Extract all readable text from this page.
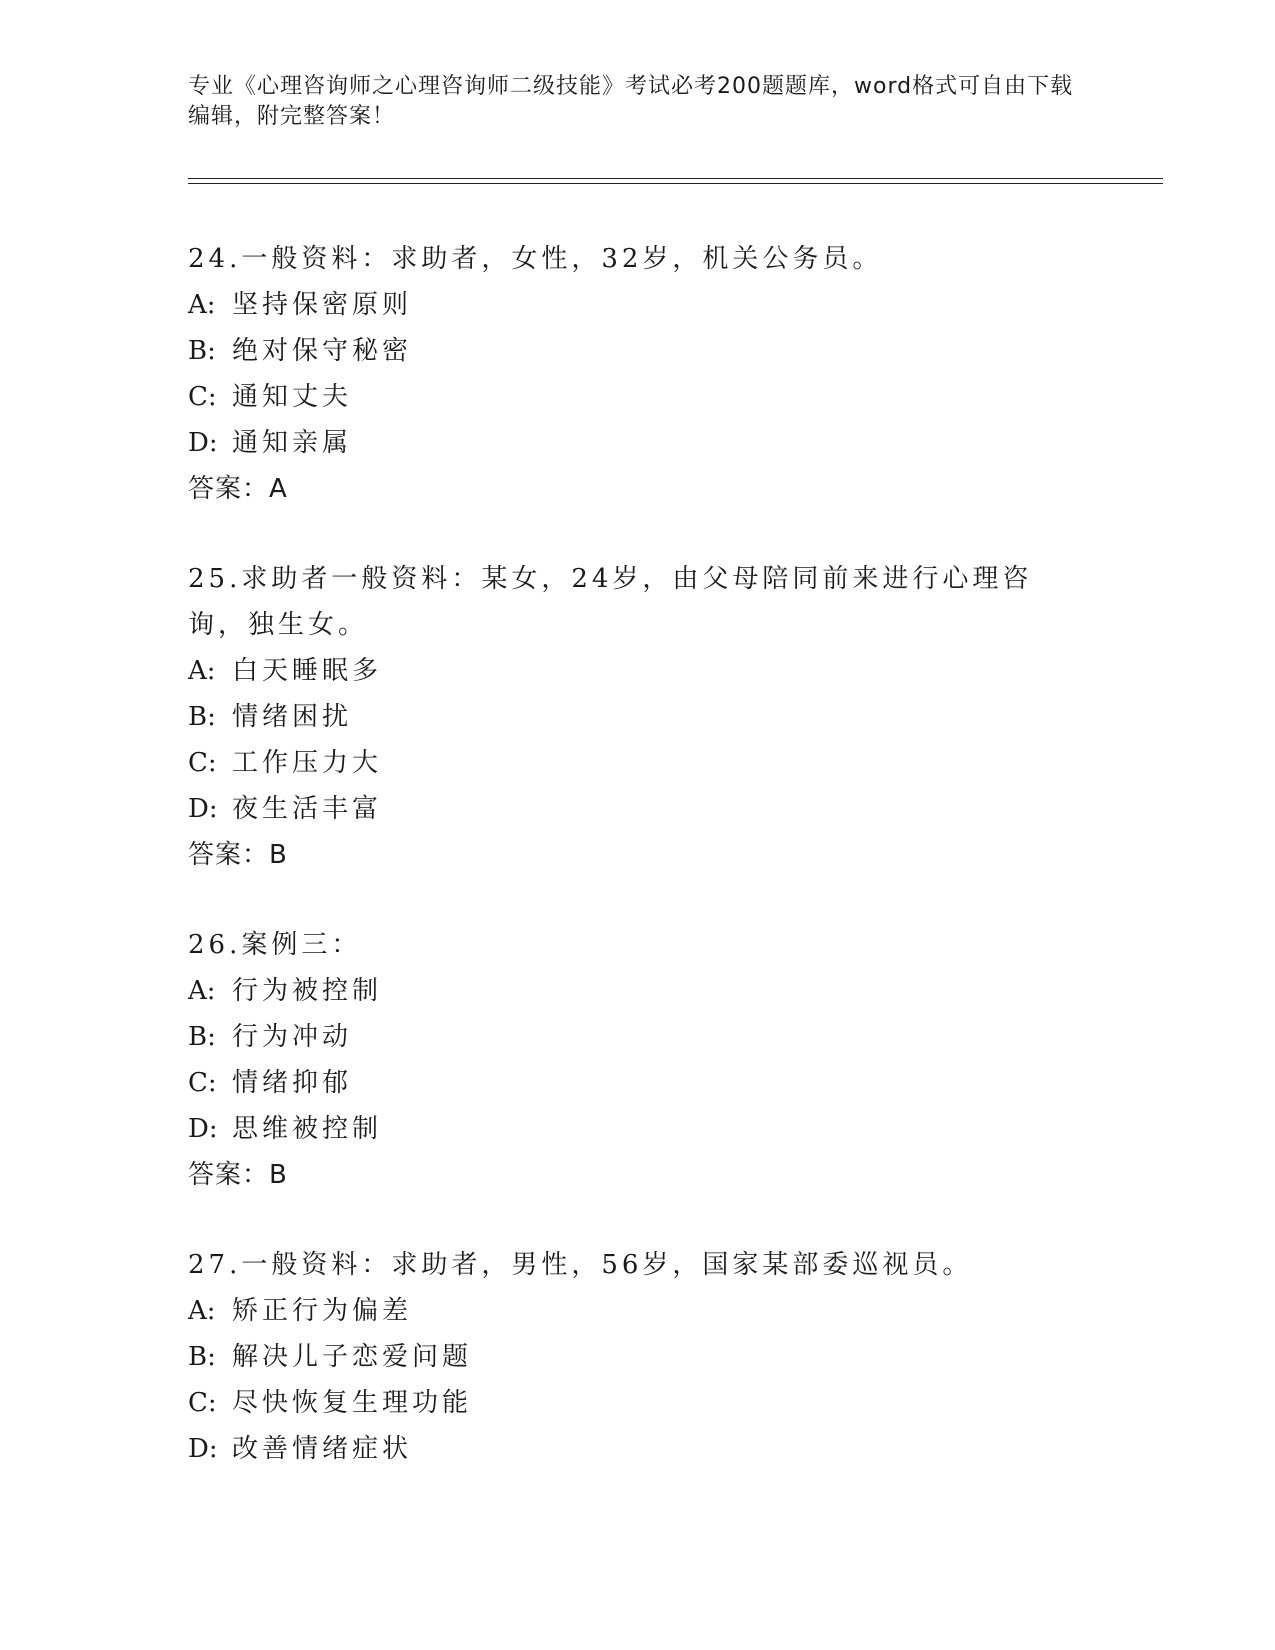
专业《心理咨询师之心理咨询师二级技能》考试必考200题题库，word格式可自由下载编辑，附完整答案！
24.一般资料：求助者，女性，32岁，机关公务员。
A: 坚持保密原则
B: 绝对保守秘密
C: 通知丈夫
D: 通知亲属
答案：A
25.求助者一般资料：某女，24岁，由父母陪同前来进行心理咨询，独生女。
A: 白天睡眠多
B: 情绪困扰
C: 工作压力大
D: 夜生活丰富
答案：B
26.案例三：
A: 行为被控制
B: 行为冲动
C: 情绪抑郁
D: 思维被控制
答案：B
27.一般资料：求助者，男性，56岁，国家某部委巡视员。
A: 矫正行为偏差
B: 解决儿子恋爱问题
C: 尽快恢复生理功能
D: 改善情绪症状
